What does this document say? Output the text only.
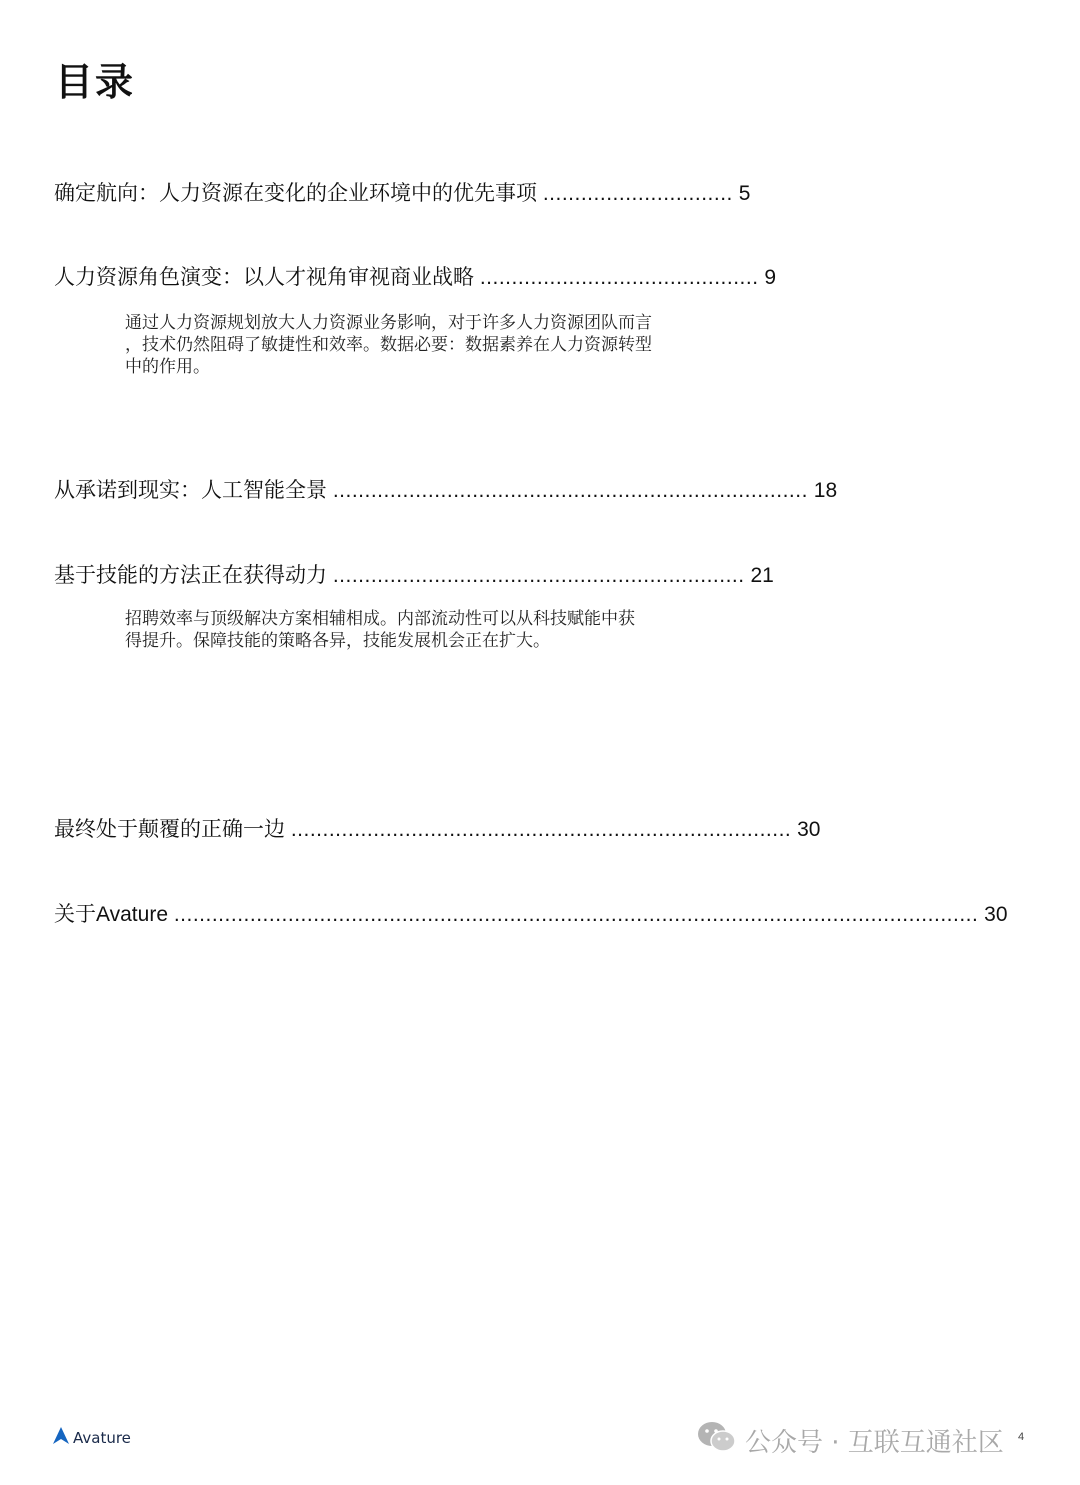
目录
确定航向：人力资源在变化的企业环境中的优先事项 .............................. 5
人力资源角色演变：以人才视角审视商业战略 ............................................ 9
通过人力资源规划放大人力资源业务影响，对于许多人力资源团队而言
，技术仍然阻碍了敏捷性和效率。数据必要：数据素养在人力资源转型
中的作用。
从承诺到现实：人工智能全景 ........................................................................... 18
基于技能的方法正在获得动力 ................................................................. 21
招聘效率与顶级解决方案相辅相成。内部流动性可以从科技赋能中获
得提升。保障技能的策略各异，技能发展机会正在扩大。
最终处于颠覆的正确一边 ............................................................................... 30
关于Avature ............................................................................................................................... 30
Avature	公众号 · 互联互通社区 4
